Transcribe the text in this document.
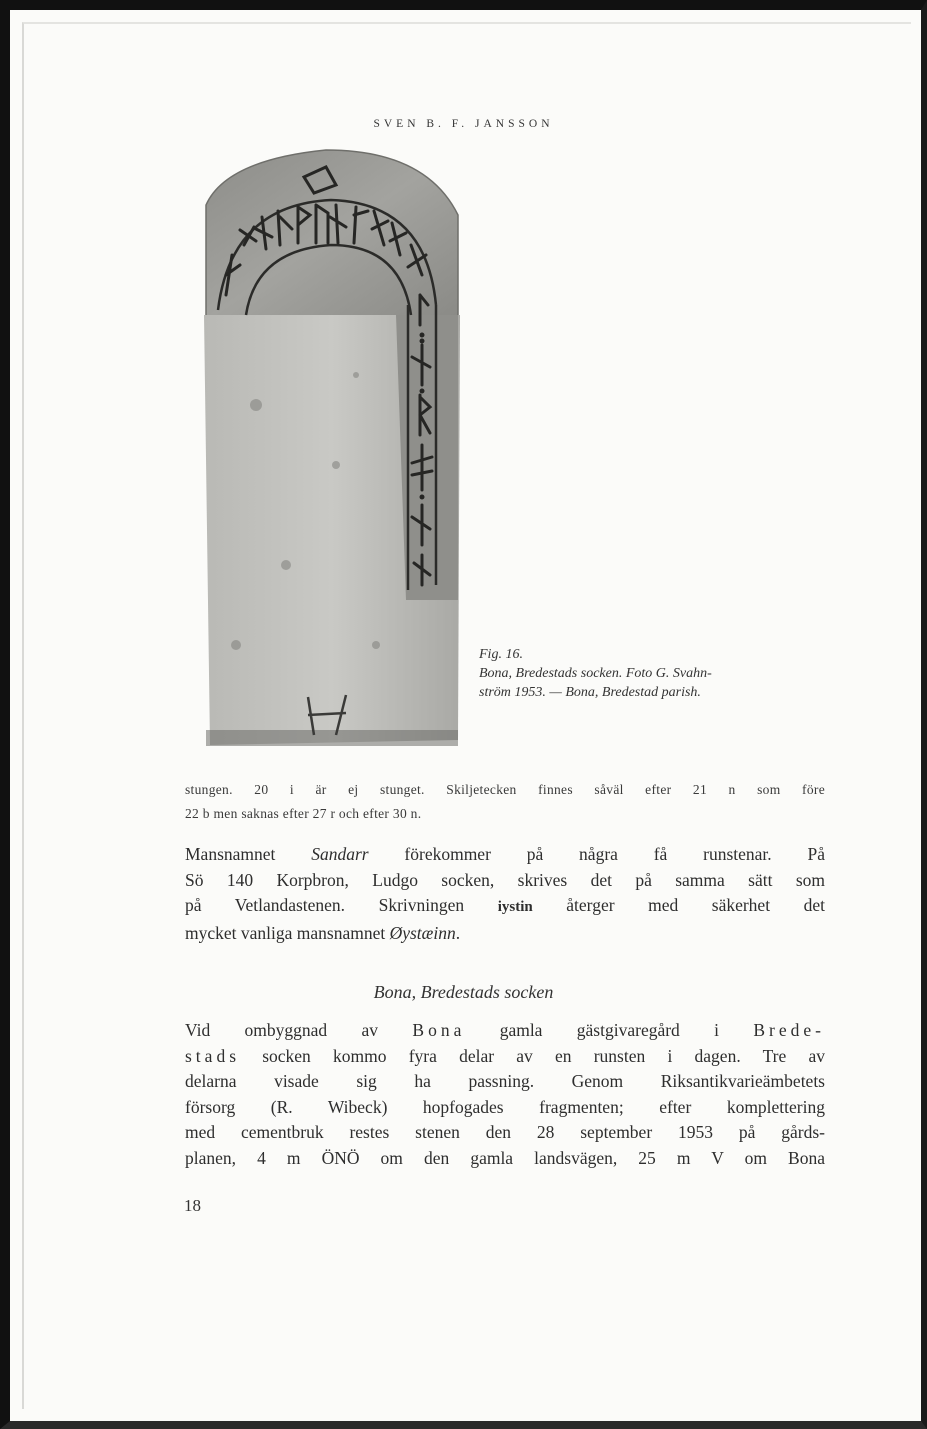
SVEN B. F. JANSSON

Fig. 16.

Bona, Bredestads socken. Foto G. Svahn-

ström 1953. — Bona, Bredestad parish.

stungen. 20 i är ej stunget. Skiljetecken finnes såväl efter 21 n som före
22 b men saknas efter 27 r och efter 30 n.
Mansnamnet Sandarr förekommer på några få runstenar. På
Sö 140 Korpbron, Ludgo socken, skrives det på samma sätt som
på Vetlandastenen. Skrivningen iystin återger med säkerhet det
mycket vanliga mansnamnet Øystæinn.
Bona, Bredestads socken
Vid ombyggnad av Bona gamla gästgivaregård i Brede-
stads socken kommo fyra delar av en runsten i dagen. Tre av
delarna visade sig ha passning. Genom Riksantikvarieämbetets
försorg (R. Wibeck) hopfogades fragmenten; efter komplettering
med cementbruk restes stenen den 28 september 1953 på gårds-
planen, 4 m ÖNÖ om den gamla landsvägen, 25 m V om Bona
18
